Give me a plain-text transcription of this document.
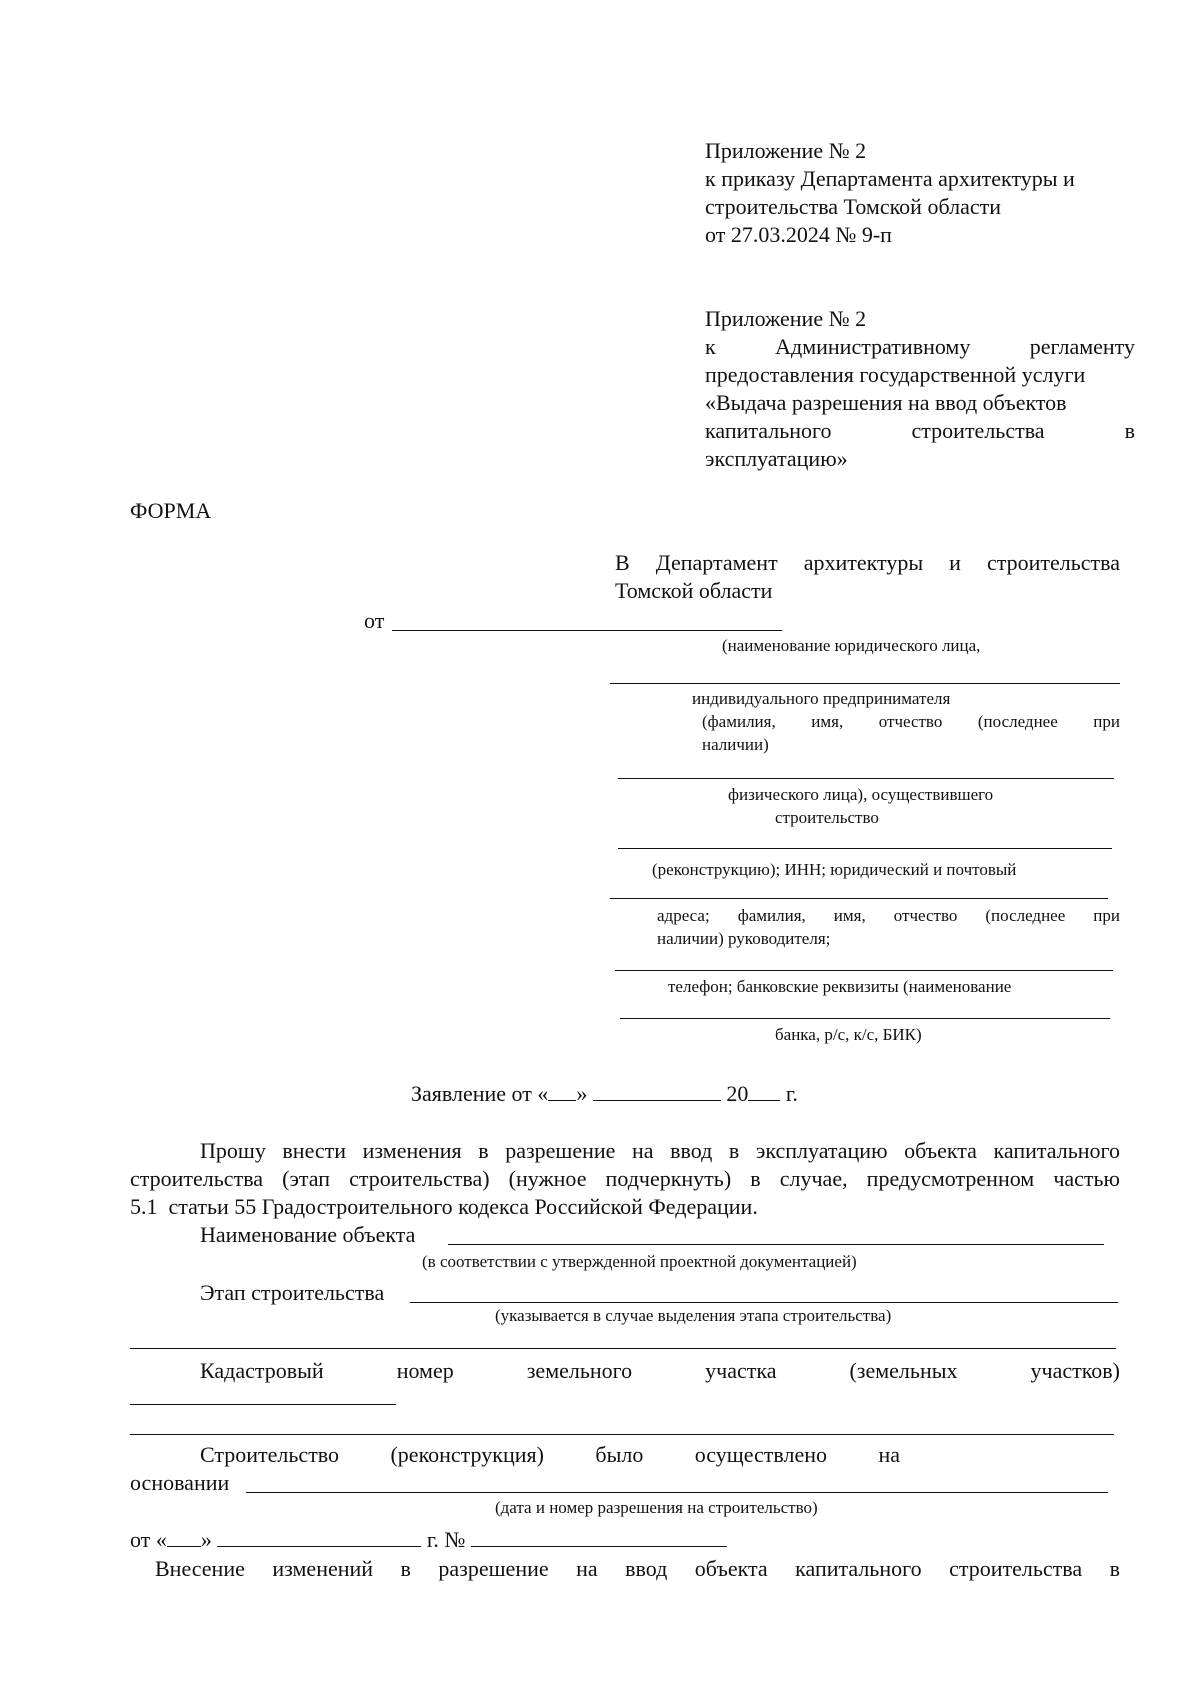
Приложение № 2
к приказу Департамента архитектуры и
строительства Томской области
от 27.03.2024 № 9-п
Приложение № 2
к Административному регламенту
предоставления государственной услуги
«Выдача разрешения на ввод объектов
капитального строительства в
эксплуатацию»
ФОРМА
В Департамент архитектуры и строительства
Томской области
от
(наименование юридического лица,
индивидуального предпринимателя
(фамилия, имя, отчество (последнее при
наличии)
физического лица), осуществившего
строительство
(реконструкцию); ИНН; юридический и почтовый
адреса; фамилия, имя, отчество (последнее при
наличии) руководителя;
телефон; банковские реквизиты (наименование
банка, р/с, к/с, БИК)
Заявление от « »	20 г.
Прошу внести изменения в разрешение на ввод в эксплуатацию объекта капитального
строительства (этап строительства) (нужное подчеркнуть) в случае, предусмотренном частью
5.1  статьи 55 Градостроительного кодекса Российской Федерации.
Наименование объекта
(в соответствии с утвержденной проектной документацией)
Этап строительства
(указывается в случае выделения этапа строительства)
Кадастровый номер земельного участка (земельных участков)
Строительство (реконструкция) было осуществлено на
основании
(дата и номер разрешения на строительство)
от « »	г. №
Внесение изменений в разрешение на ввод объекта капитального строительства в
